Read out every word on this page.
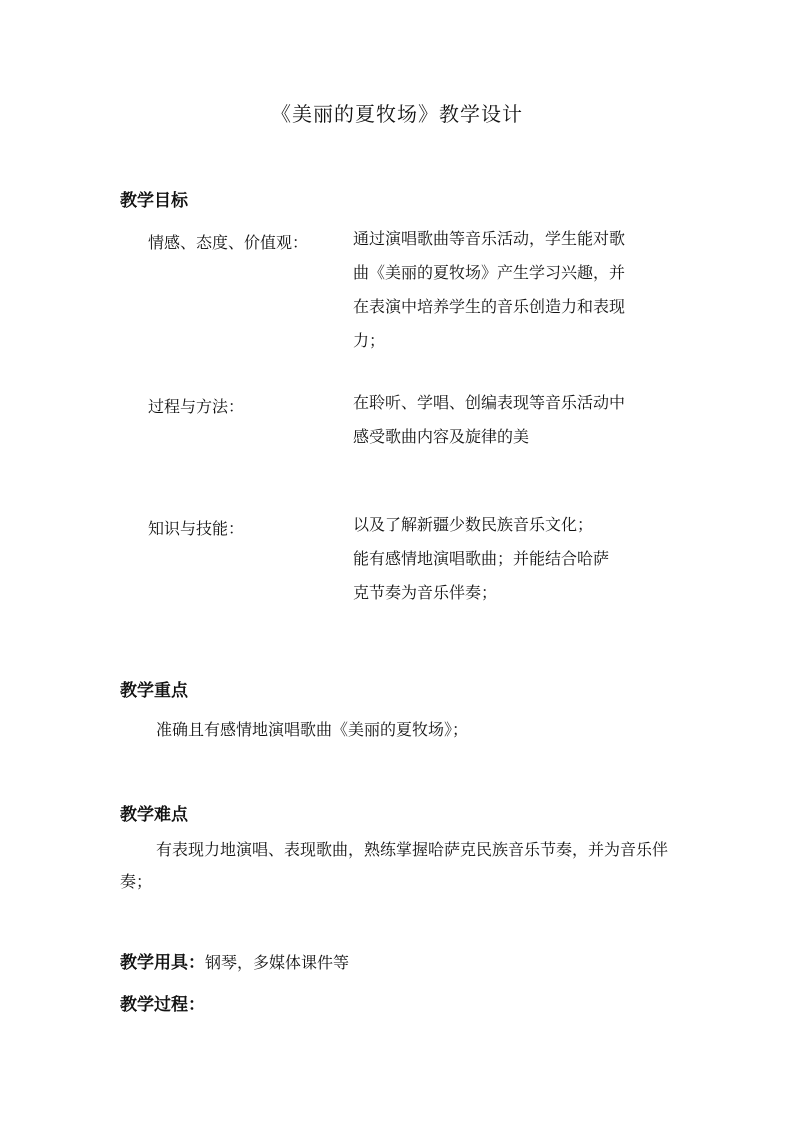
《美丽的夏牧场》教学设计
教学目标
情感、态度、价值观：	通过演唱歌曲等音乐活动，学生能对歌
曲《美丽的夏牧场》产生学习兴趣，并
在表演中培养学生的音乐创造力和表现
力；
过程与方法：	在聆听、学唱、创编表现等音乐活动中
感受歌曲内容及旋律的美
知识与技能：	以及了解新疆少数民族音乐文化；
能有感情地演唱歌曲；并能结合哈萨
克节奏为音乐伴奏；
教学重点
准确且有感情地演唱歌曲《美丽的夏牧场》；
教学难点
有表现力地演唱、表现歌曲，熟练掌握哈萨克民族音乐节奏，并为音乐伴奏；
教学用具：钢琴，多媒体课件等
教学过程：
